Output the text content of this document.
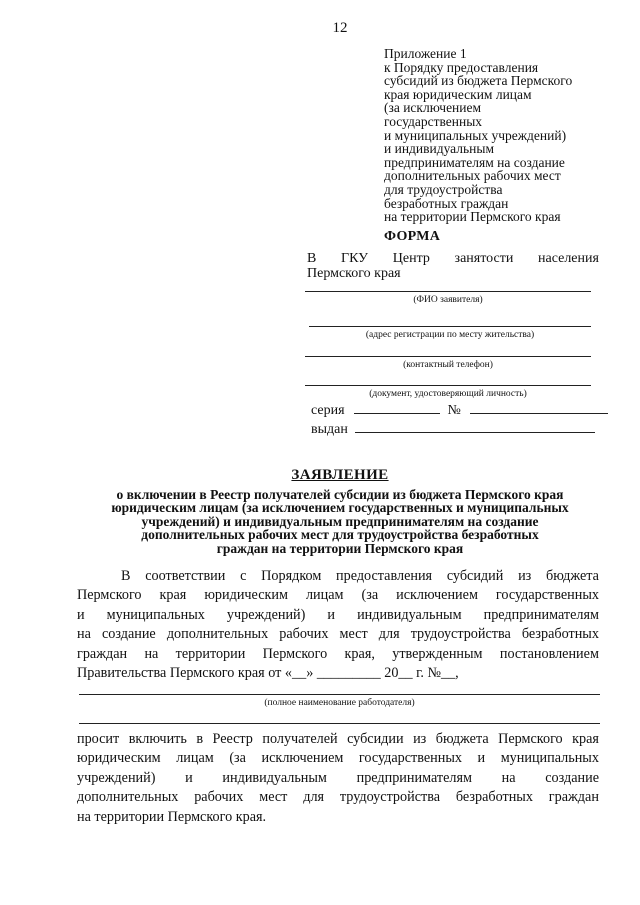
12
Приложение 1
к Порядку предоставления
субсидий из бюджета Пермского
края юридическим лицам
(за исключением
государственных
и муниципальных учреждений)
и индивидуальным
предпринимателям на создание
дополнительных рабочих мест
для трудоустройства
безработных граждан
на территории Пермского края
ФОРМА
В ГКУ Центр занятости населения
Пермского края
(ФИО заявителя)
(адрес регистрации по месту жительства)
(контактный телефон)
(документ, удостоверяющий личность)
серия	№
выдан
ЗАЯВЛЕНИЕ
о включении в Реестр получателей субсидии из бюджета Пермского края
юридическим лицам (за исключением государственных и муниципальных
учреждений) и индивидуальным предпринимателям на создание
дополнительных рабочих мест для трудоустройства безработных
граждан на территории Пермского края
В соответствии с Порядком предоставления субсидий из бюджета
Пермского края юридическим лицам (за исключением государственных
и муниципальных учреждений) и индивидуальным предпринимателям
на создание дополнительных рабочих мест для трудоустройства безработных
граждан на территории Пермского края, утвержденным постановлением
Правительства Пермского края от «__» _________ 20__ г. №__,
(полное наименование работодателя)
просит включить в Реестр получателей субсидии из бюджета Пермского края
юридическим лицам (за исключением государственных и муниципальных
учреждений) и индивидуальным предпринимателям на создание
дополнительных рабочих мест для трудоустройства безработных граждан
на территории Пермского края.
